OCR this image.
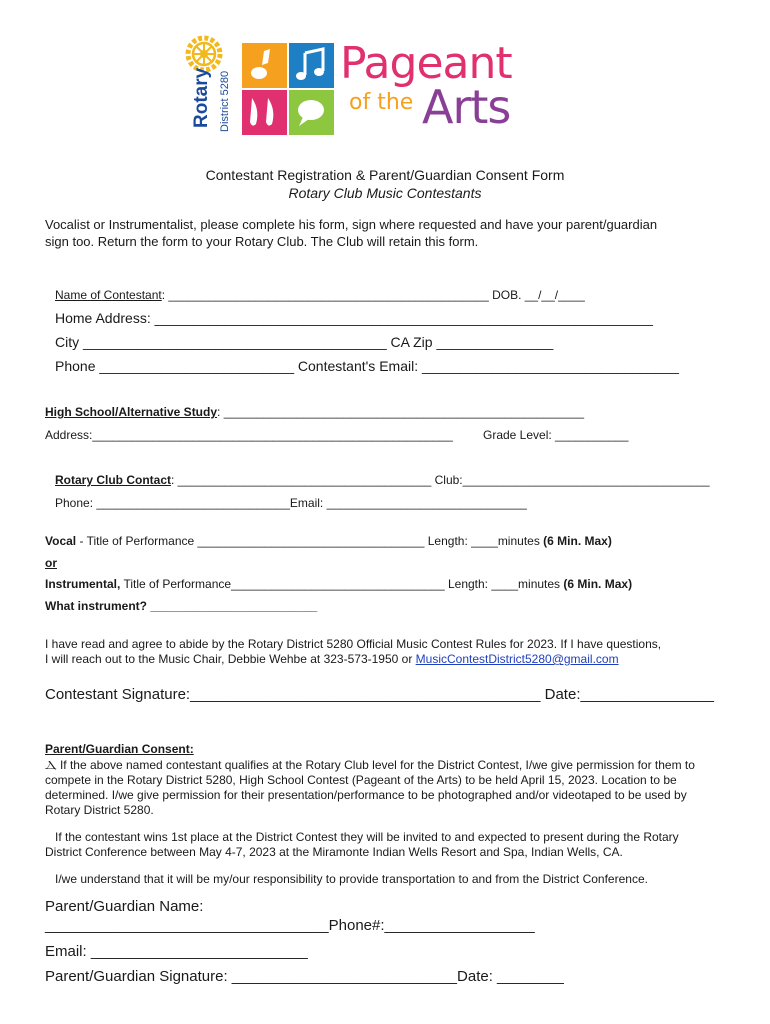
Rotary District 5280
Pageant
of the Arts
Contestant Registration & Parent/Guardian Consent Form
Rotary Club Music Contestants
Vocalist or Instrumentalist, please complete his form, sign where requested and have your parent/guardian
sign too. Return the form to your Rotary Club. The Club will retain this form.
Name of Contestant: ________________________________________________ DOB. __/__/____
Home Address: ________________________________________________________________
City _______________________________________ CA Zip _______________
Phone _________________________ Contestant's Email: _________________________________
High School/Alternative Study: ______________________________________________________
Address:______________________________________________________	Grade Level: ___________
Rotary Club Contact: ______________________________________ Club:_____________________________________
Phone: _____________________________Email: ______________________________
Vocal - Title of Performance __________________________________ Length: ____minutes (6 Min. Max)
or
Instrumental, Title of Performance________________________________ Length: ____minutes (6 Min. Max)
What instrument? _________________________
I have read and agree to abide by the Rotary District 5280 Official Music Contest Rules for 2023. If I have questions,
I will reach out to the Music Chair, Debbie Wehbe at 323-573-1950 or MusicContestDistrict5280@gmail.com
Contestant Signature:__________________________________________ Date:________________
Parent/Guardian Consent:
Ⲇ If the above named contestant qualifies at the Rotary Club level for the District Contest, I/we give permission for them to
compete in the Rotary District 5280, High School Contest (Pageant of the Arts) to be held April 15, 2023. Location to be
determined. I/we give permission for their presentation/performance to be photographed and/or videotaped to be used by
Rotary District 5280.
If the contestant wins 1st place at the District Contest they will be invited to and expected to present during the Rotary
District Conference between May 4-7, 2023 at the Miramonte Indian Wells Resort and Spa, Indian Wells, CA.
I/we understand that it will be my/our responsibility to provide transportation to and from the District Conference.
Parent/Guardian Name:
__________________________________Phone#:__________________
Email: __________________________
Parent/Guardian Signature: ___________________________Date: ________
